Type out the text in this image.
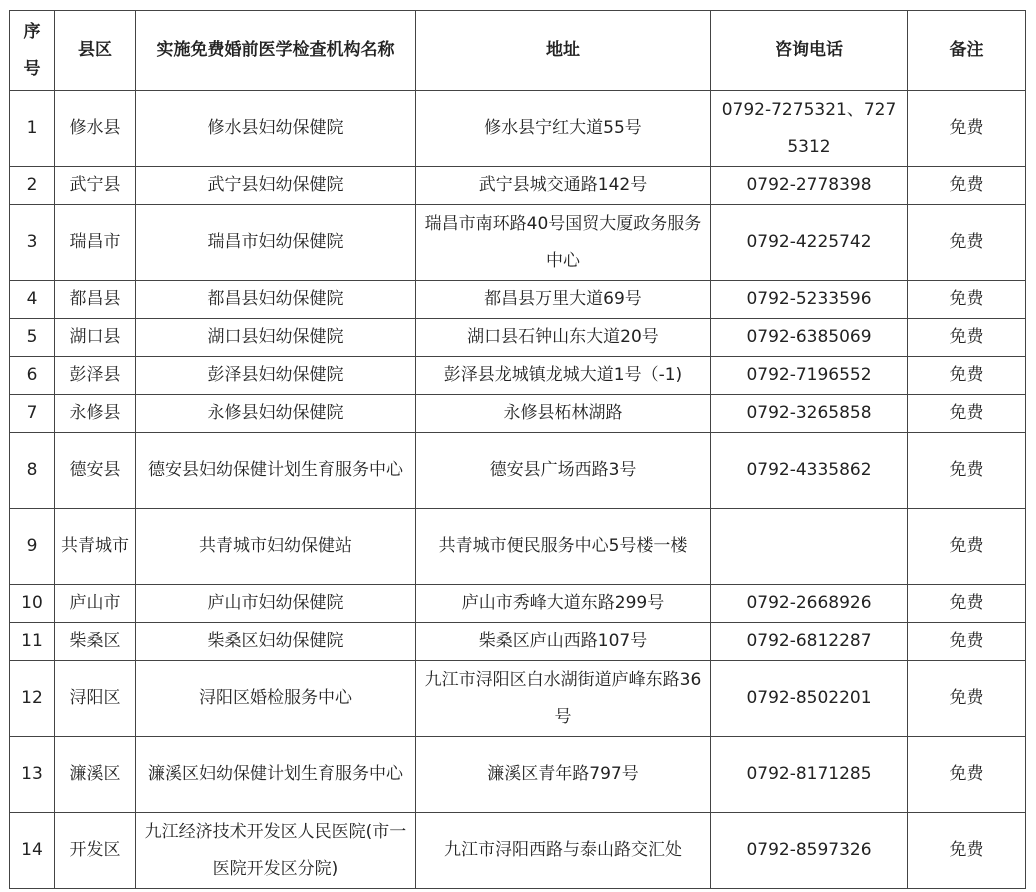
序号	县区	实施免费婚前医学检查机构名称	地址	咨询电话	备注
1	修水县	修水县妇幼保健院	修水县宁红大道55号	0792-7275321、7275312	免费
2	武宁县	武宁县妇幼保健院	武宁县城交通路142号	0792-2778398	免费
3	瑞昌市	瑞昌市妇幼保健院	瑞昌市南环路40号国贸大厦政务服务中心	0792-4225742	免费
4	都昌县	都昌县妇幼保健院	都昌县万里大道69号	0792-5233596	免费
5	湖口县	湖口县妇幼保健院	湖口县石钟山东大道20号	0792-6385069	免费
6	彭泽县	彭泽县妇幼保健院	彭泽县龙城镇龙城大道1号（-1)	0792-7196552	免费
7	永修县	永修县妇幼保健院	永修县柘林湖路	0792-3265858	免费
8	德安县	德安县妇幼保健计划生育服务中心	德安县广场西路3号	0792-4335862	免费
9	共青城市	共青城市妇幼保健站	共青城市便民服务中心5号楼一楼		免费
10	庐山市	庐山市妇幼保健院	庐山市秀峰大道东路299号	0792-2668926	免费
11	柴桑区	柴桑区妇幼保健院	柴桑区庐山西路107号	0792-6812287	免费
12	浔阳区	浔阳区婚检服务中心	九江市浔阳区白水湖街道庐峰东路36号	0792-8502201	免费
13	濂溪区	濂溪区妇幼保健计划生育服务中心	濂溪区青年路797号	0792-8171285	免费
14	开发区	九江经济技术开发区人民医院(市一医院开发区分院)	九江市浔阳西路与泰山路交汇处	0792-8597326	免费
